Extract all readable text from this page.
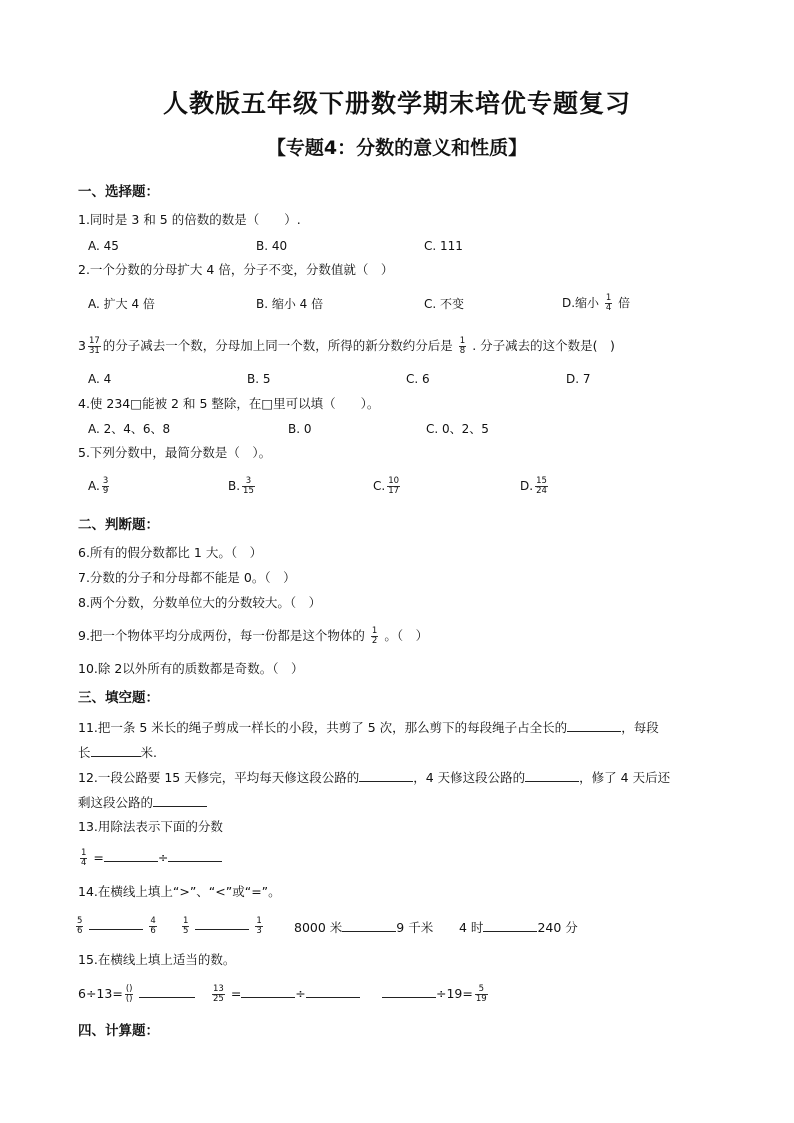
人教版五年级下册数学期末培优专题复习
【专题4：分数的意义和性质】
一、选择题：
1.同时是 3 和 5 的倍数的数是（　　）.
A. 45	B. 40	C. 111
2.一个分数的分母扩大 4 倍，分子不变，分数值就（　）
A. 扩大 4 倍	B. 缩小 4 倍	C. 不变	D.缩小 $\frac{1}{4}$ 倍
$3 \frac{17}{31}$ 的分子减去一个数，分母加上同一个数，所得的新分数约分后是 $\frac{1}{8}$ . 分子减去的这个数是(　)
A. 4	B. 5	C. 6	D. 7
4.使 234□能被 2 和 5 整除，在□里可以填（　　）。
A. 2、4、6、8	B. 0	C. 0、2、5
5.下列分数中，最简分数是（　）。
A. $\frac{3}{9}$	B. $\frac{3}{15}$	C. $\frac{10}{17}$	D. $\frac{15}{24}$
二、判断题：
6.所有的假分数都比 1 大。（　）
7.分数的分子和分母都不能是 0。（　）
8.两个分数，分数单位大的分数较大。（　）
9.把一个物体平均分成两份，每一份都是这个物体的 $\frac{1}{2}$ 。（　）
10.除 2以外所有的质数都是奇数。（　）
三、填空题：
11.把一条 5 米长的绳子剪成一样长的小段，共剪了 5 次，那么剪下的每段绳子占全长的	，每段
长	米.
12.一段公路要 15 天修完，平均每天修这段公路的	，4 天修这段公路的	，修了 4 天后还
剩这段公路的
13.用除法表示下面的分数
$\frac{1}{4}$ =	÷
14.在横线上填上“>”、“<”或“=”。
$\frac{5}{6}$
	$\frac{4}{6}$	$\frac{1}{5}$
	$\frac{1}{3} 8000$ 米	9 千米 4 时	240 分
15.在横线上填上适当的数。
$6\div 13= \frac{()}{()}$
	$\frac{13}{25}$ =	÷	$\div 19= \frac{5}{19}$
四、计算题：
